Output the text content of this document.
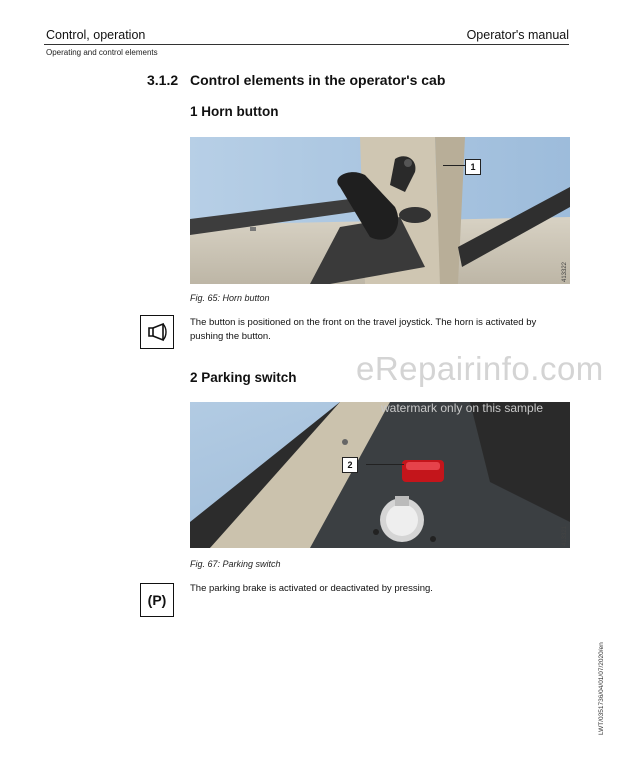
Control, operation	Operator's manual
Operating and control elements
3.1.2 Control elements in the operator's cab
1 Horn button
1
413322
Fig. 65: Horn button
The button is positioned on the front on the travel joystick. The horn is activated by pushing the button.
eRepairinfo.com
2 Parking switch
2
413321
watermark only on this sample
Fig. 67: Parking switch
(P)
The parking brake is activated or deactivated by pressing.
LWT/0351736/04/01/07/2020/en
